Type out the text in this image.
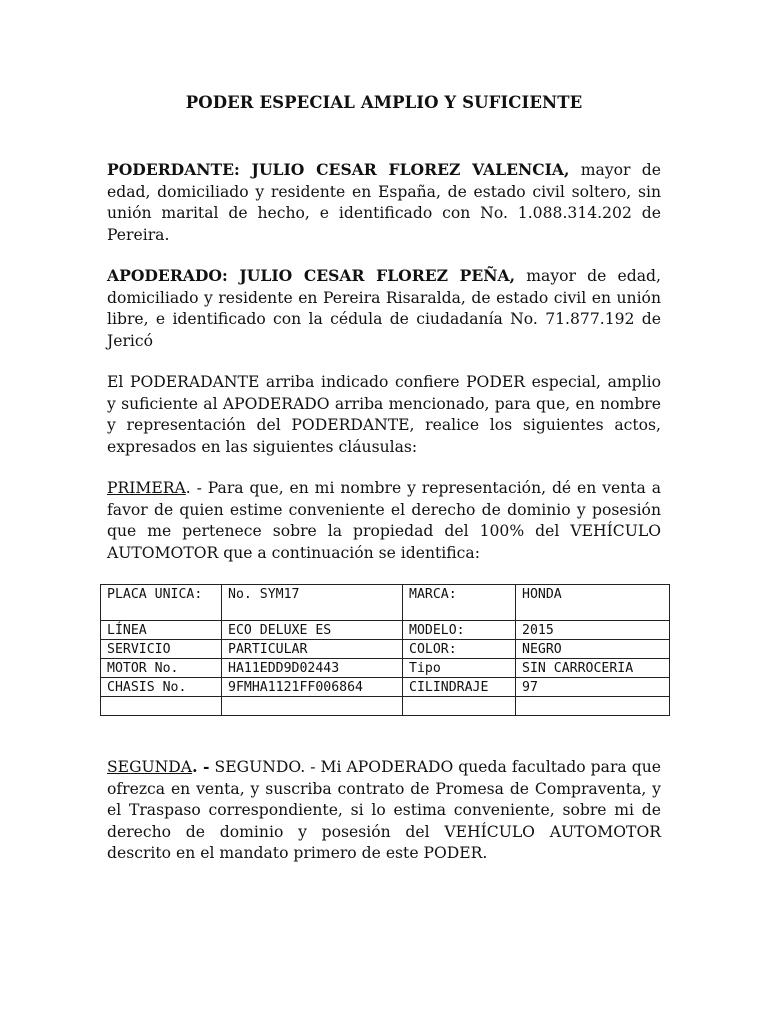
PODER ESPECIAL AMPLIO Y SUFICIENTE

PODERDANTE: JULIO CESAR FLOREZ VALENCIA, mayor de edad, domiciliado y residente en España, de estado civil soltero, sin unión marital de hecho, e identificado con No. 1.088.314.202 de Pereira.

APODERADO: JULIO CESAR FLOREZ PEÑA, mayor de edad, domiciliado y residente en Pereira Risaralda, de estado civil en unión libre, e identificado con la cédula de ciudadanía No. 71.877.192 de Jericó

El PODERADANTE arriba indicado confiere PODER especial, amplio y suficiente al APODERADO arriba mencionado, para que, en nombre y representación del PODERDANTE, realice los siguientes actos, expresados en las siguientes cláusulas:

PRIMERA. - Para que, en mi nombre y representación, dé en venta a favor de quien estime conveniente el derecho de dominio y posesión que me pertenece sobre la propiedad del 100% del VEHÍCULO AUTOMOTOR que a continuación se identifica:

PLACA UNICA:	No. SYM17	MARCA:	HONDA
LÍNEA	ECO DELUXE ES	MODELO:	2015
SERVICIO	PARTICULAR	COLOR:	NEGRO
MOTOR No.	HA11EDD9D02443	Tipo	SIN CARROCERIA
CHASIS No.	9FMHA1121FF006864	CILINDRAJE	97

SEGUNDA. - SEGUNDO. - Mi APODERADO queda facultado para que ofrezca en venta, y suscriba contrato de Promesa de Compraventa, y el Traspaso correspondiente, si lo estima conveniente, sobre mi de derecho de dominio y posesión del VEHÍCULO AUTOMOTOR descrito en el mandato primero de este PODER.
